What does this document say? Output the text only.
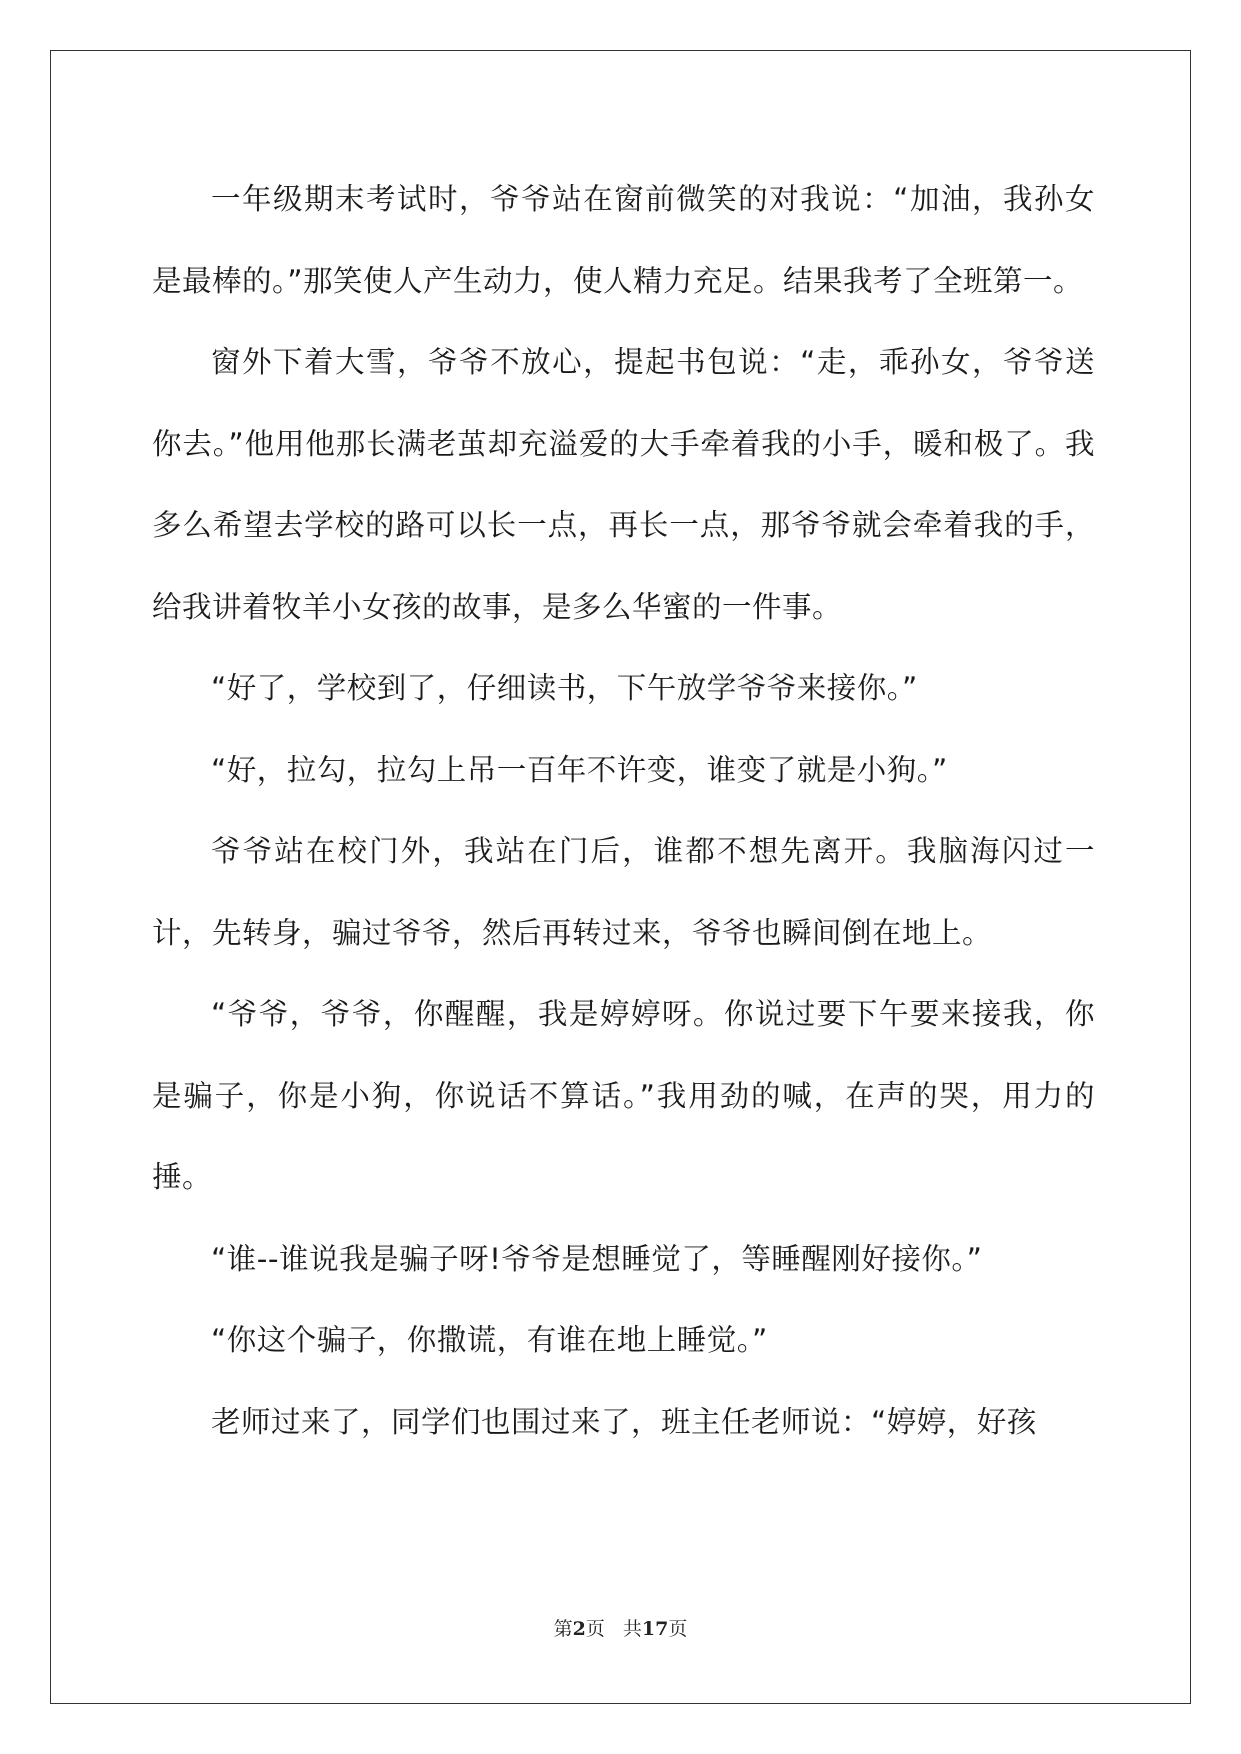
一年级期末考试时，爷爷站在窗前微笑的对我说：“加油，我孙女是最棒的。”那笑使人产生动力，使人精力充足。结果我考了全班第一。

窗外下着大雪，爷爷不放心，提起书包说：“走，乖孙女，爷爷送你去。”他用他那长满老茧却充溢爱的大手牵着我的小手，暖和极了。我多么希望去学校的路可以长一点，再长一点，那爷爷就会牵着我的手，给我讲着牧羊小女孩的故事，是多么华蜜的一件事。

“好了，学校到了，仔细读书，下午放学爷爷来接你。”

“好，拉勾，拉勾上吊一百年不许变，谁变了就是小狗。”

爷爷站在校门外，我站在门后，谁都不想先离开。我脑海闪过一计，先转身，骗过爷爷，然后再转过来，爷爷也瞬间倒在地上。

“爷爷，爷爷，你醒醒，我是婷婷呀。你说过要下午要来接我，你是骗子，你是小狗，你说话不算话。”我用劲的喊，在声的哭，用力的捶。

“谁--谁说我是骗子呀!爷爷是想睡觉了，等睡醒刚好接你。”

“你这个骗子，你撒谎，有谁在地上睡觉。”

老师过来了，同学们也围过来了，班主任老师说：“婷婷，好孩

第2页 共17页
